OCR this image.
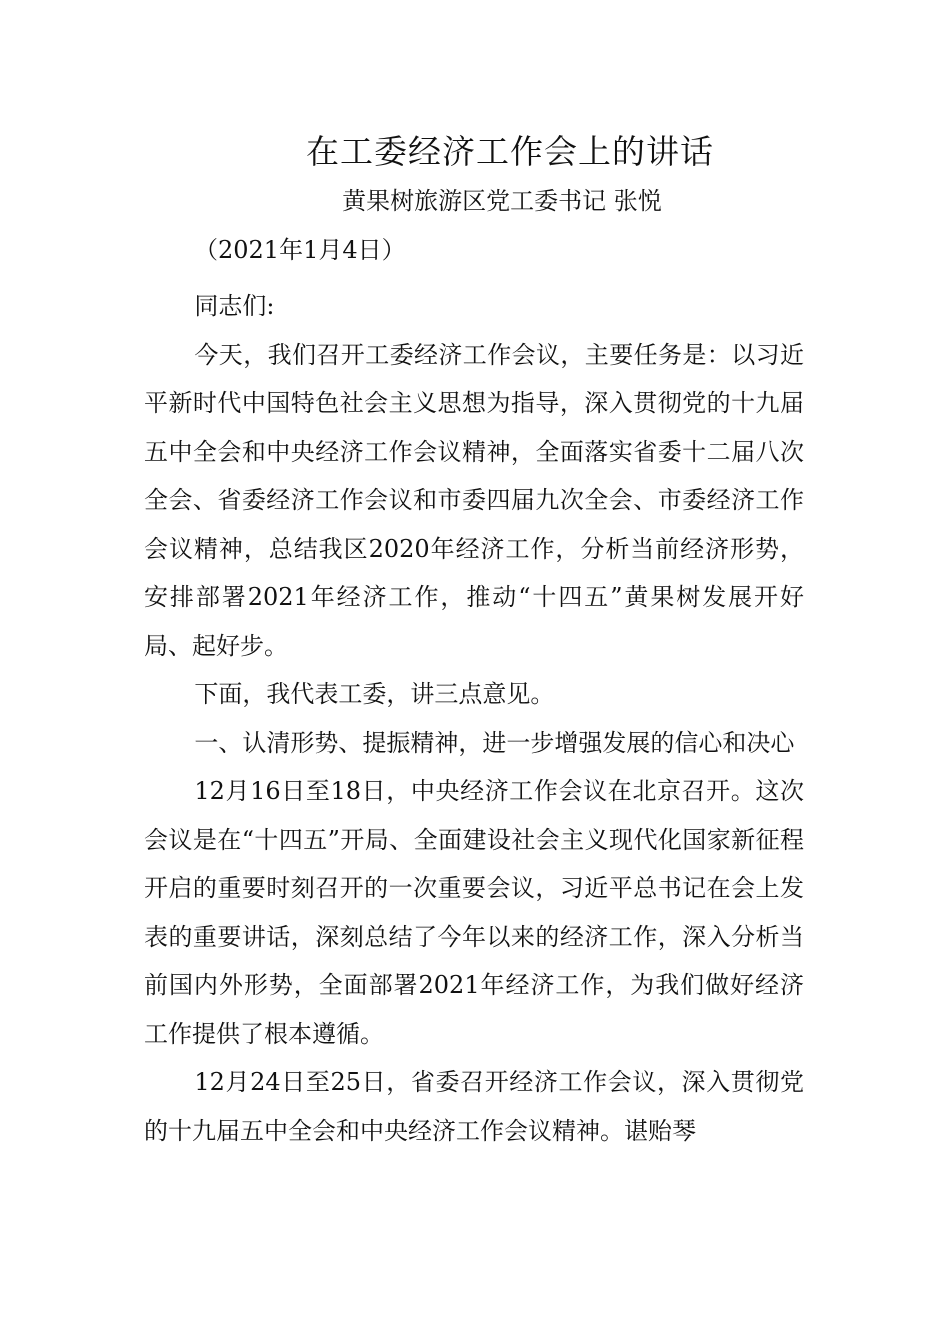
在工委经济工作会上的讲话
黄果树旅游区党工委书记 张悦
（2021年1月4日）

同志们:

今天，我们召开工委经济工作会议，主要任务是：以习近平新时代中国特色社会主义思想为指导，深入贯彻党的十九届五中全会和中央经济工作会议精神，全面落实省委十二届八次全会、省委经济工作会议和市委四届九次全会、市委经济工作会议精神，总结我区2020年经济工作，分析当前经济形势，安排部署2021年经济工作，推动“十四五”黄果树发展开好局、起好步。

下面，我代表工委，讲三点意见。

一、认清形势、提振精神，进一步增强发展的信心和决心

12月16日至18日，中央经济工作会议在北京召开。这次会议是在“十四五”开局、全面建设社会主义现代化国家新征程开启的重要时刻召开的一次重要会议，习近平总书记在会上发表的重要讲话，深刻总结了今年以来的经济工作，深入分析当前国内外形势，全面部署2021年经济工作，为我们做好经济工作提供了根本遵循。

12月24日至25日，省委召开经济工作会议，深入贯彻党的十九届五中全会和中央经济工作会议精神。谌贻琴
